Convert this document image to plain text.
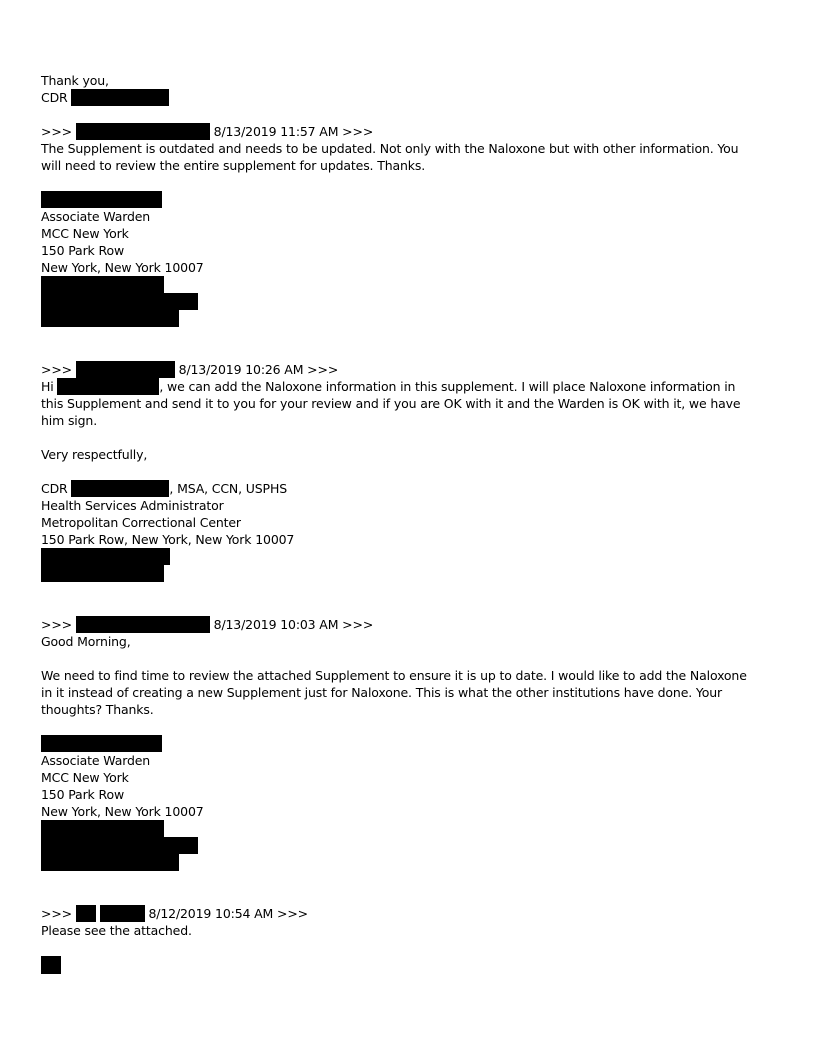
Thank you,
CDR
>>>	8/13/2019 11:57 AM >>>
The Supplement is outdated and needs to be updated. Not only with the Naloxone but with other information. You will need to review the entire supplement for updates. Thanks.
Associate Warden
MCC New York
150 Park Row
New York, New York 10007
>>>	8/13/2019 10:26 AM >>>
Hi	, we can add the Naloxone information in this supplement. I will place Naloxone information in this Supplement and send it to you for your review and if you are OK with it and the Warden is OK with it, we have him sign.
Very respectfully,
CDR	, MSA, CCN, USPHS
Health Services Administrator
Metropolitan Correctional Center
150 Park Row, New York, New York 10007
>>>	8/13/2019 10:03 AM >>>
Good Morning,
We need to find time to review the attached Supplement to ensure it is up to date. I would like to add the Naloxone in it instead of creating a new Supplement just for Naloxone. This is what the other institutions have done. Your thoughts? Thanks.
Associate Warden
MCC New York
150 Park Row
New York, New York 10007
>>>	8/12/2019 10:54 AM >>>
Please see the attached.
